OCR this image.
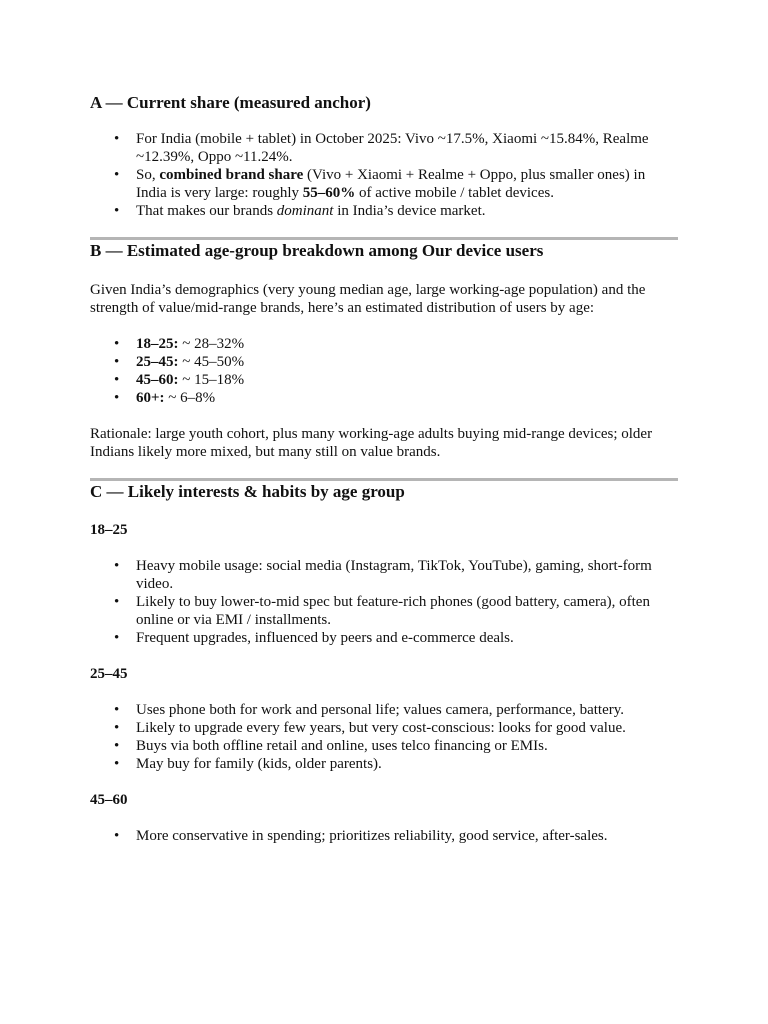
A — Current share (measured anchor)
• For India (mobile + tablet) in October 2025: Vivo ~17.5%, Xiaomi ~15.84%, Realme ~12.39%, Oppo ~11.24%.
• So, combined brand share (Vivo + Xiaomi + Realme + Oppo, plus smaller ones) in India is very large: roughly 55–60% of active mobile / tablet devices.
• That makes our brands dominant in India’s device market.
B — Estimated age-group breakdown among Our device users

Given India’s demographics (very young median age, large working-age population) and the strength of value/mid-range brands, here’s an estimated distribution of users by age:

• 18–25: ~ 28–32%
• 25–45: ~ 45–50%
• 45–60: ~ 15–18%
• 60+: ~ 6–8%

Rationale: large youth cohort, plus many working-age adults buying mid-range devices; older Indians likely more mixed, but many still on value brands.

C — Likely interests & habits by age group
18–25
• Heavy mobile usage: social media (Instagram, TikTok, YouTube), gaming, short-form video.
• Likely to buy lower-to-mid spec but feature-rich phones (good battery, camera), often online or via EMI / installments.
• Frequent upgrades, influenced by peers and e-commerce deals.
25–45
• Uses phone both for work and personal life; values camera, performance, battery.
• Likely to upgrade every few years, but very cost-conscious: looks for good value.
• Buys via both offline retail and online, uses telco financing or EMIs.
• May buy for family (kids, older parents).
45–60
• More conservative in spending; prioritizes reliability, good service, after-sales.
